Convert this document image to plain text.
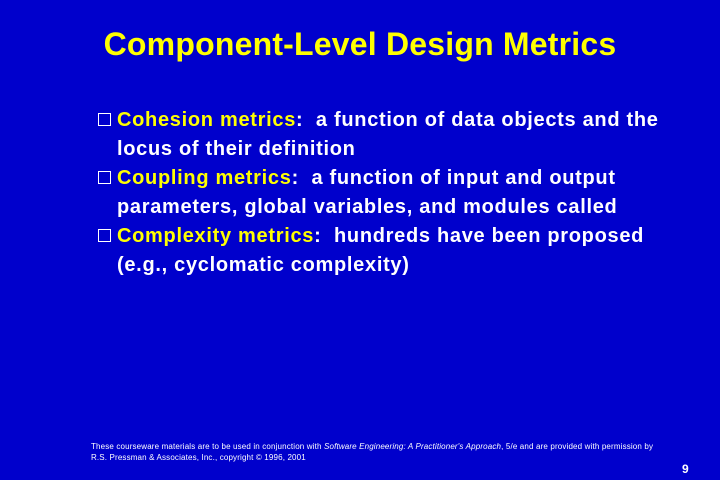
Component-Level Design Metrics
Cohesion metrics:  a function of data objects and the locus of their definition
Coupling metrics:  a function of input and output parameters, global variables, and modules called
Complexity metrics:  hundreds have been proposed (e.g., cyclomatic complexity)
These courseware materials are to be used in conjunction with Software Engineering: A Practitioner's Approach, 5/e and are provided with permission by R.S. Pressman & Associates, Inc., copyright © 1996, 2001
9
